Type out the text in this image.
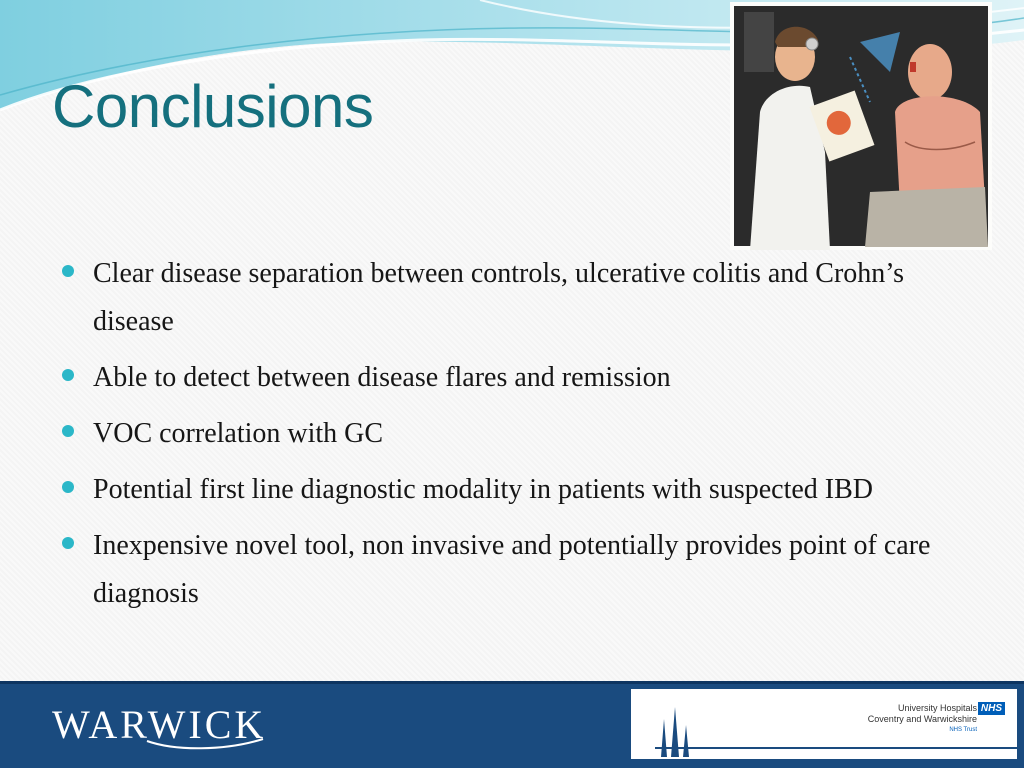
Conclusions
Clear disease separation between controls, ulcerative colitis and Crohn’s disease
Able to detect between disease flares and remission
VOC correlation with GC
Potential first line diagnostic modality in patients with suspected IBD
Inexpensive novel tool, non invasive and potentially provides point of care diagnosis
WARWICK	University Hospitals
Coventry and Warwickshire
NHS Trust
NHS
